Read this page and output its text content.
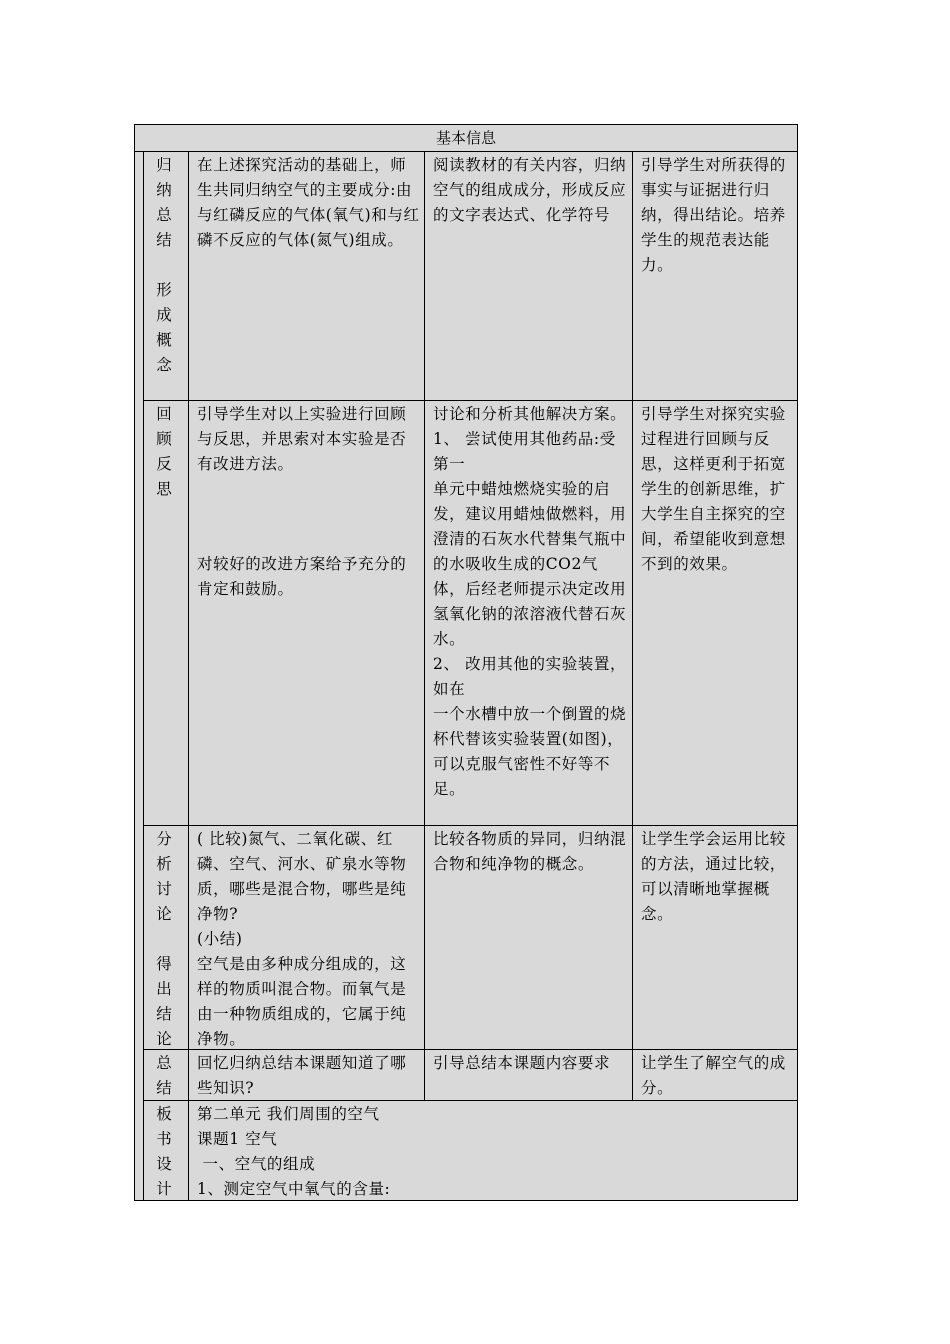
基本信息
归
纳
总
结

形
成
概
念
在上述探究活动的基础上，师生共同归纳空气的主要成分:由与红磷反应的气体(氧气)和与红磷不反应的气体(氮气)组成。
阅读教材的有关内容，归纳空气的组成成分，形成反应的文字表达式、化学符号
引导学生对所获得的事实与证据进行归纳，得出结论。培养学生的规范表达能力。
回
顾
反
思
引导学生对以上实验进行回顾与反思，并思索对本实验是否有改进方法。

对较好的改进方案给予充分的肯定和鼓励。
讨论和分析其他解决方案。
1、 尝试使用其他药品:受第一
单元中蜡烛燃烧实验的启发，建议用蜡烛做燃料，用澄清的石灰水代替集气瓶中的水吸收生成的CO2气体，后经老师提示决定改用氢氧化钠的浓溶液代替石灰水。
2、 改用其他的实验装置，如在
一个水槽中放一个倒置的烧杯代替该实验装置(如图)，可以克服气密性不好等不足。
引导学生对探究实验过程进行回顾与反思，这样更利于拓宽学生的创新思维，扩大学生自主探究的空间，希望能收到意想不到的效果。
分
析
讨
论

得
出
结
论
( 比较)氮气、二氧化碳、红磷、空气、河水、矿泉水等物质，哪些是混合物，哪些是纯净物?
(小结)
空气是由多种成分组成的，这样的物质叫混合物。而氧气是由一种物质组成的，它属于纯净物。
比较各物质的异同，归纳混合物和纯净物的概念。
让学生学会运用比较的方法，通过比较，可以清晰地掌握概念。
总
结
回忆归纳总结本课题知道了哪些知识?
引导总结本课题内容要求	让学生了解空气的成分。
板
书
设
计
第二单元 我们周围的空气
课题1 空气
一、空气的组成
1、测定空气中氧气的含量:
